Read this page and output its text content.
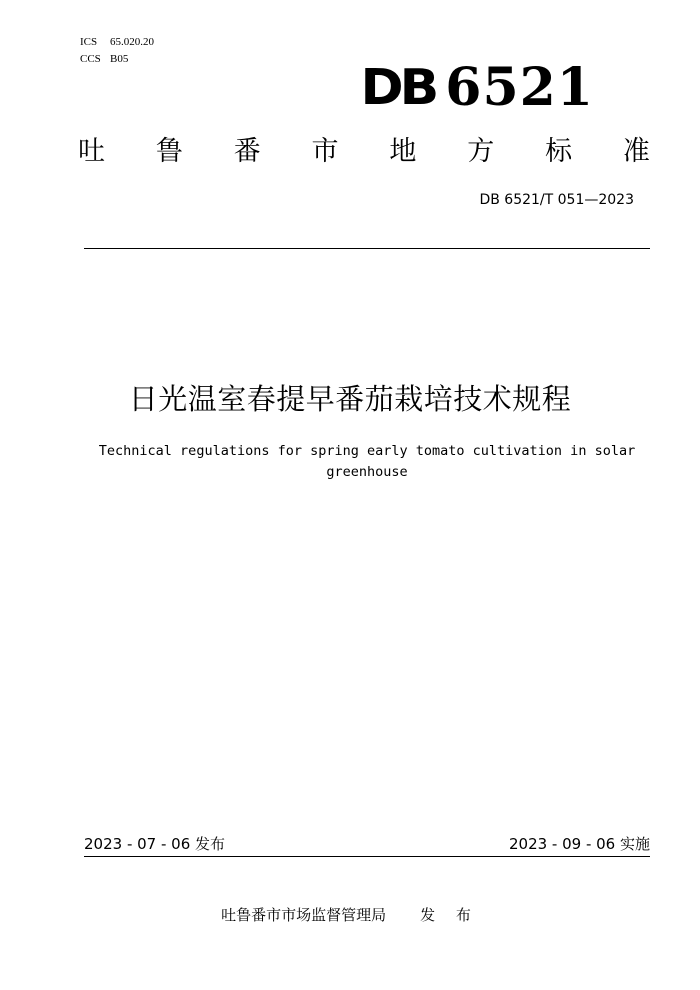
ICS 65.020.20
CCS B05
DB 6521
吐 鲁 番 市 地 方 标 准
DB 6521/T 051—2023
日光温室春提早番茄栽培技术规程
Technical regulations for spring early tomato cultivation in solar
greenhouse
2023 - 07 - 06 发布	2023 - 09 - 06 实施
吐鲁番市市场监督管理局 发 布
